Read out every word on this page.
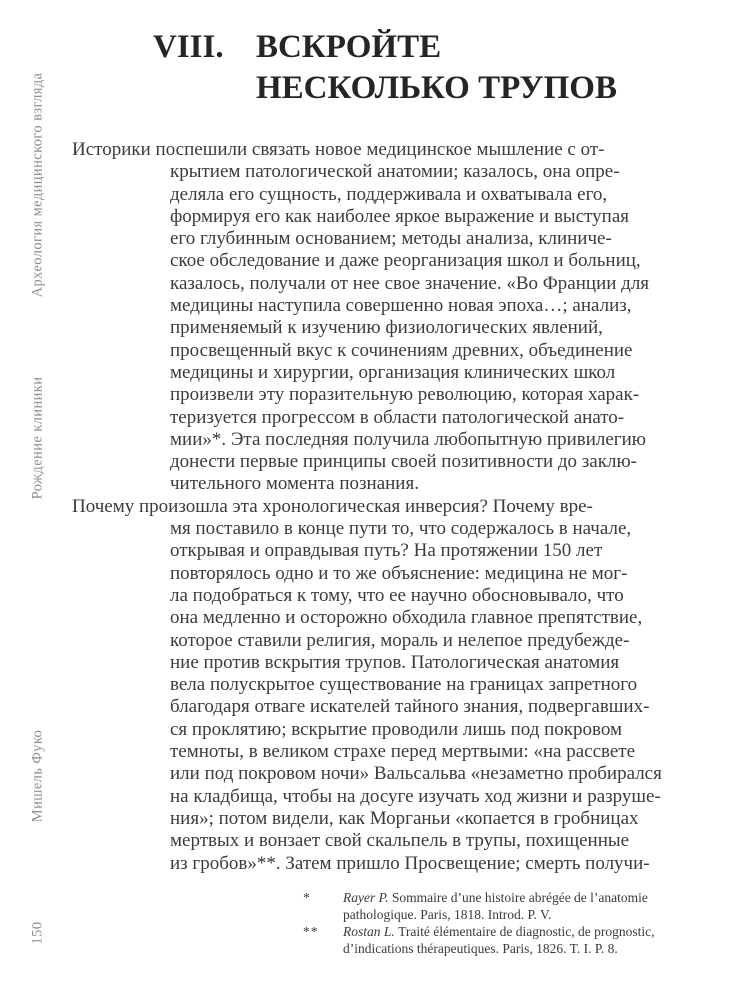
Археология медицинского взгляда
Рождение клиники
Мишель Фуко
150
VIII. ВСКРОЙТЕ
НЕСКОЛЬКО ТРУПОВ
Историки поспешили связать новое медицинское мышление с от-
крытием патологической анатомии; казалось, она опре-
деляла его сущность, поддерживала и охватывала его,
формируя его как наиболее яркое выражение и выступая
его глубинным основанием; методы анализа, клиниче-
ское обследование и даже реорганизация школ и больниц,
казалось, получали от нее свое значение. «Во Франции для
медицины наступила совершенно новая эпоха…; анализ,
применяемый к изучению физиологических явлений,
просвещенный вкус к сочинениям древних, объединение
медицины и хирургии, организация клинических школ
произвели эту поразительную революцию, которая харак-
теризуется прогрессом в области патологической анато-
мии»*. Эта последняя получила любопытную привилегию
донести первые принципы своей позитивности до заклю-
чительного момента познания.
Почему произошла эта хронологическая инверсия? Почему вре-
мя поставило в конце пути то, что содержалось в начале,
открывая и оправдывая путь? На протяжении 150 лет
повторялось одно и то же объяснение: медицина не мог-
ла подобраться к тому, что ее научно обосновывало, что
она медленно и осторожно обходила главное препятствие,
которое ставили религия, мораль и нелепое предубежде-
ние против вскрытия трупов. Патологическая анатомия
вела полускрытое существование на границах запретного
благодаря отваге искателей тайного знания, подвергавших-
ся проклятию; вскрытие проводили лишь под покровом
темноты, в великом страхе перед мертвыми: «на рассвете
или под покровом ночи» Вальсальва «незаметно пробирался
на кладбища, чтобы на досуге изучать ход жизни и разруше-
ния»; потом видели, как Морганьи «копается в гробницах
мертвых и вонзает свой скальпель в трупы, похищенные
из гробов»**. Затем пришло Просвещение; смерть получи-
*	Rayer P. Sommaire d’une histoire abrégée de l’anatomie pathologique. Paris, 1818. Introd. P. V.
**	Rostan L. Traité élémentaire de diagnostic, de prognostic, d’indications thérapeutiques. Paris, 1826. T. I. P. 8.
